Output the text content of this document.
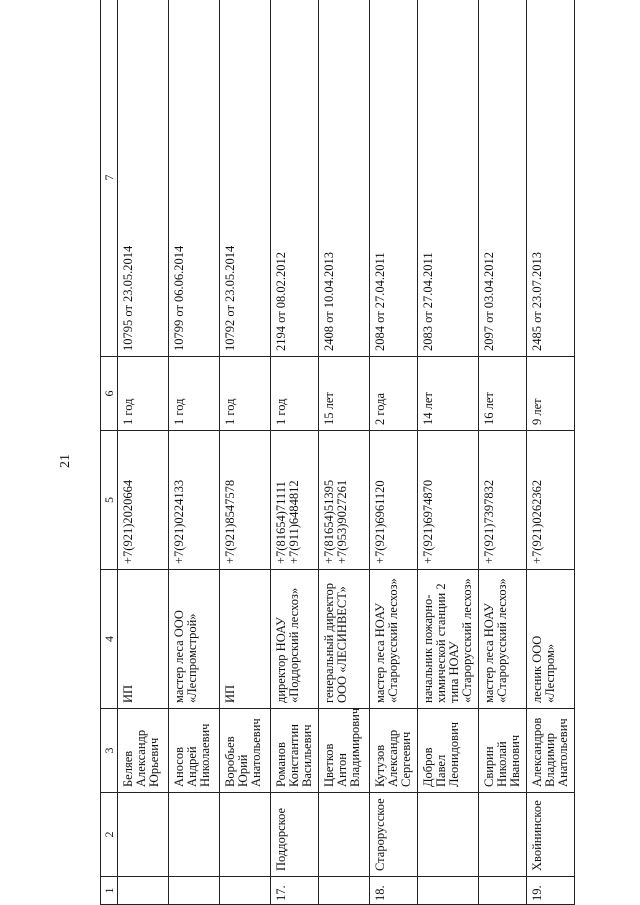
21
1	2	3	4	5	6	7
		Беляев Александр Юрьевич	ИП	+7(921)2020664	1 год	10795 от 23.05.2014
		Аносов Андрей Николаевич	мастер леса ООО «Леспромстрой»	+7(921)0224133	1 год	10799 от 06.06.2014
		Воробьев Юрий Анатольевич	ИП	+7(921)8547578	1 год	10792 от 23.05.2014
17.	Поддорское	Романов Константин Васильевич	директор НОАУ «Поддорский лесхоз»	+7(81654)71111 +7(911)6484812	1 год	2194 от 08.02.2012
		Цветков Антон Владимирович	генеральный директор ООО «ЛЕСИНВЕСТ»	+7(81654)51395 +7(953)9027261	15 лет	2408 от 10.04.2013
18.	Старорусское	Кутузов Александр Сергеевич	мастер леса НОАУ «Старорусский лесхоз»	+7(921)6961120	2 года	2084 от 27.04.2011
		Добров Павел Леонидович	начальник пожарно-химической станции 2 типа НОАУ «Старорусский лесхоз»	+7(921)6974870	14 лет	2083 от 27.04.2011
		Свирин Николай Иванович	мастер леса НОАУ «Старорусский лесхоз»	+7(921)7397832	16 лет	2097 от 03.04.2012
19.	Хвойнинское	Александров Владимир Анатольевич	лесник ООО «Леспром»	+7(921)0262362	9 лет	2485 от 23.07.2013
